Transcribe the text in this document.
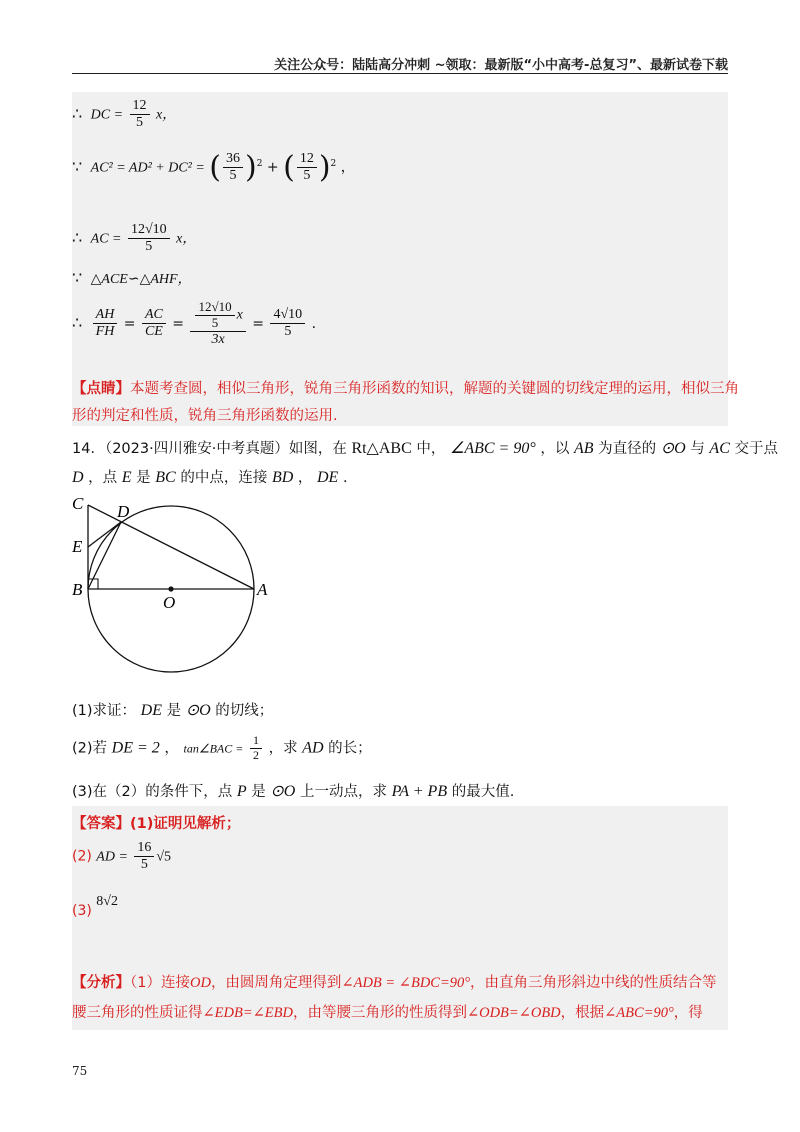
关注公众号：陆陆高分冲刺 ~领取：最新版“小中高考-总复习”、最新试卷下载
∴ DC = $\frac{12}{5}$ x，
∵ AC² = AD² + DC² = ( $\frac{36}{5} )^2$ + ( $\frac{12}{5} )^2$ ，
∴ AC = $\frac{12√10}{5}$ x，
∵ △ACE∽△AHF，
∴ $\frac{AH}{FH} = \frac{AC}{CE} = \frac{\frac{12√10}{5} x}{3x} = \frac{4√10}{5}$ .
【点睛】本题考查圆，相似三角形，锐角三角形函数的知识，解题的关键圆的切线定理的运用，相似三角
形的判定和性质，锐角三角形函数的运用.
14．（2023·四川雅安·中考真题）如图，在 Rt△ABC 中， ∠ABC = 90° ，以 AB 为直径的 ⊙O 与 AC 交于点
D ，点 E 是 BC 的中点，连接 BD ， DE .
C D
E
B
O
A
(1)求证： DE 是 ⊙O 的切线；
(2)若 DE = 2 ， tan∠BAC = $\frac{1}{2}$ ，求 AD 的长；
(3)在（2）的条件下，点 P 是 ⊙O 上一动点，求 PA + PB 的最大值.
【答案】(1)证明见解析；
(2) AD = $\frac{16}{5} √5$
(3) 8√2
【分析】（1）连接OD，由圆周角定理得到∠ADB = ∠BDC=90°，由直角三角形斜边中线的性质结合等
腰三角形的性质证得∠EDB=∠EBD，由等腰三角形的性质得到∠ODB=∠OBD，根据∠ABC=90°，得
75
